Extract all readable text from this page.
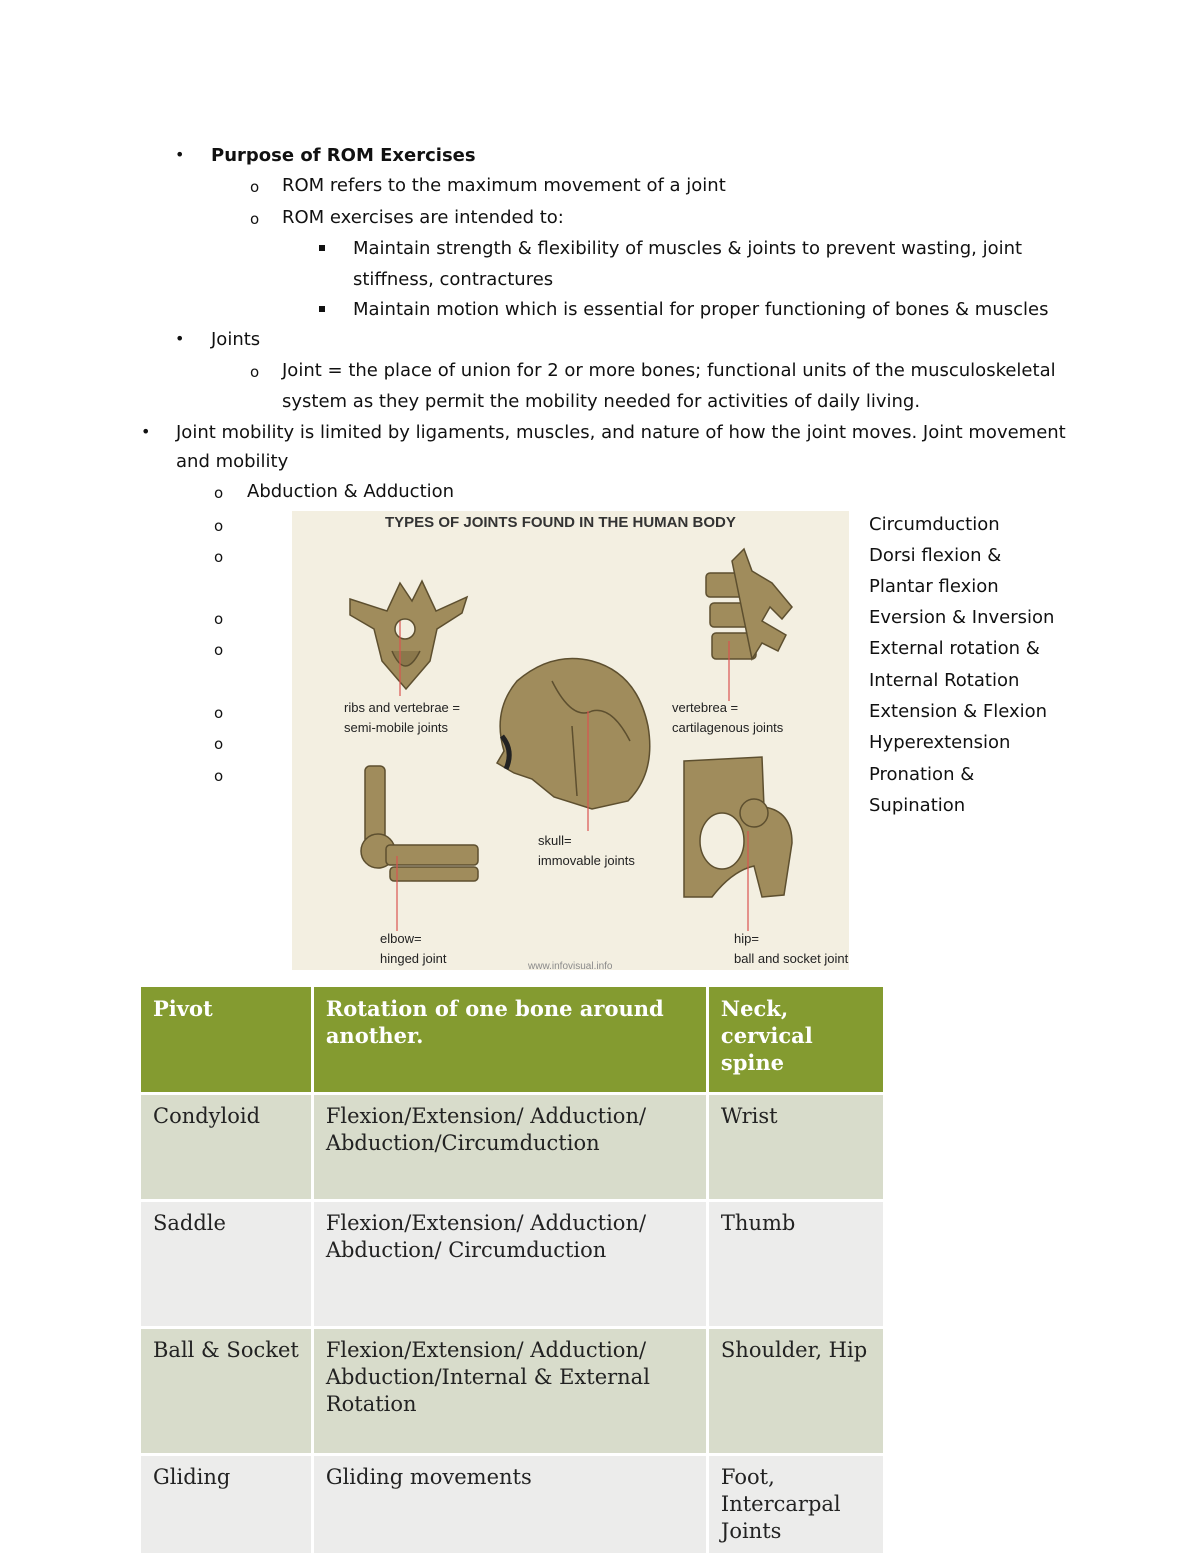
• Purpose of ROM Exercises
o ROM refers to the maximum movement of a joint
o ROM exercises are intended to:
Maintain strength & flexibility of muscles & joints to prevent wasting, joint
stiffness, contractures
Maintain motion which is essential for proper functioning of bones & muscles
• Joints
o Joint = the place of union for 2 or more bones; functional units of the musculoskeletal
system as they permit the mobility needed for activities of daily living.
• Joint mobility is limited by ligaments, muscles, and nature of how the joint moves. Joint movement
and mobility
o Abduction & Adduction
o
o
o
o
o
o
o
Circumduction
Dorsi flexion &
Plantar flexion
Eversion & Inversion
External rotation &
Internal Rotation
Extension & Flexion
Hyperextension
Pronation &
Supination
TYPES OF JOINTS FOUND IN THE HUMAN BODY
ribs and vertebrae =
semi-mobile joints
vertebrea =
cartilagenous joints
skull=
immovable joints
elbow=
hinged joint
hip=
ball and socket joint
www.infovisual.info
Pivot	Rotation of one bone around another.	Neck, cervical spine
Condyloid	Flexion/Extension/ Adduction/ Abduction/Circumduction	Wrist
Saddle	Flexion/Extension/ Adduction/ Abduction/ Circumduction	Thumb
Ball & Socket	Flexion/Extension/ Adduction/ Abduction/Internal & External Rotation	Shoulder, Hip
Gliding	Gliding movements	Foot, Intercarpal Joints
